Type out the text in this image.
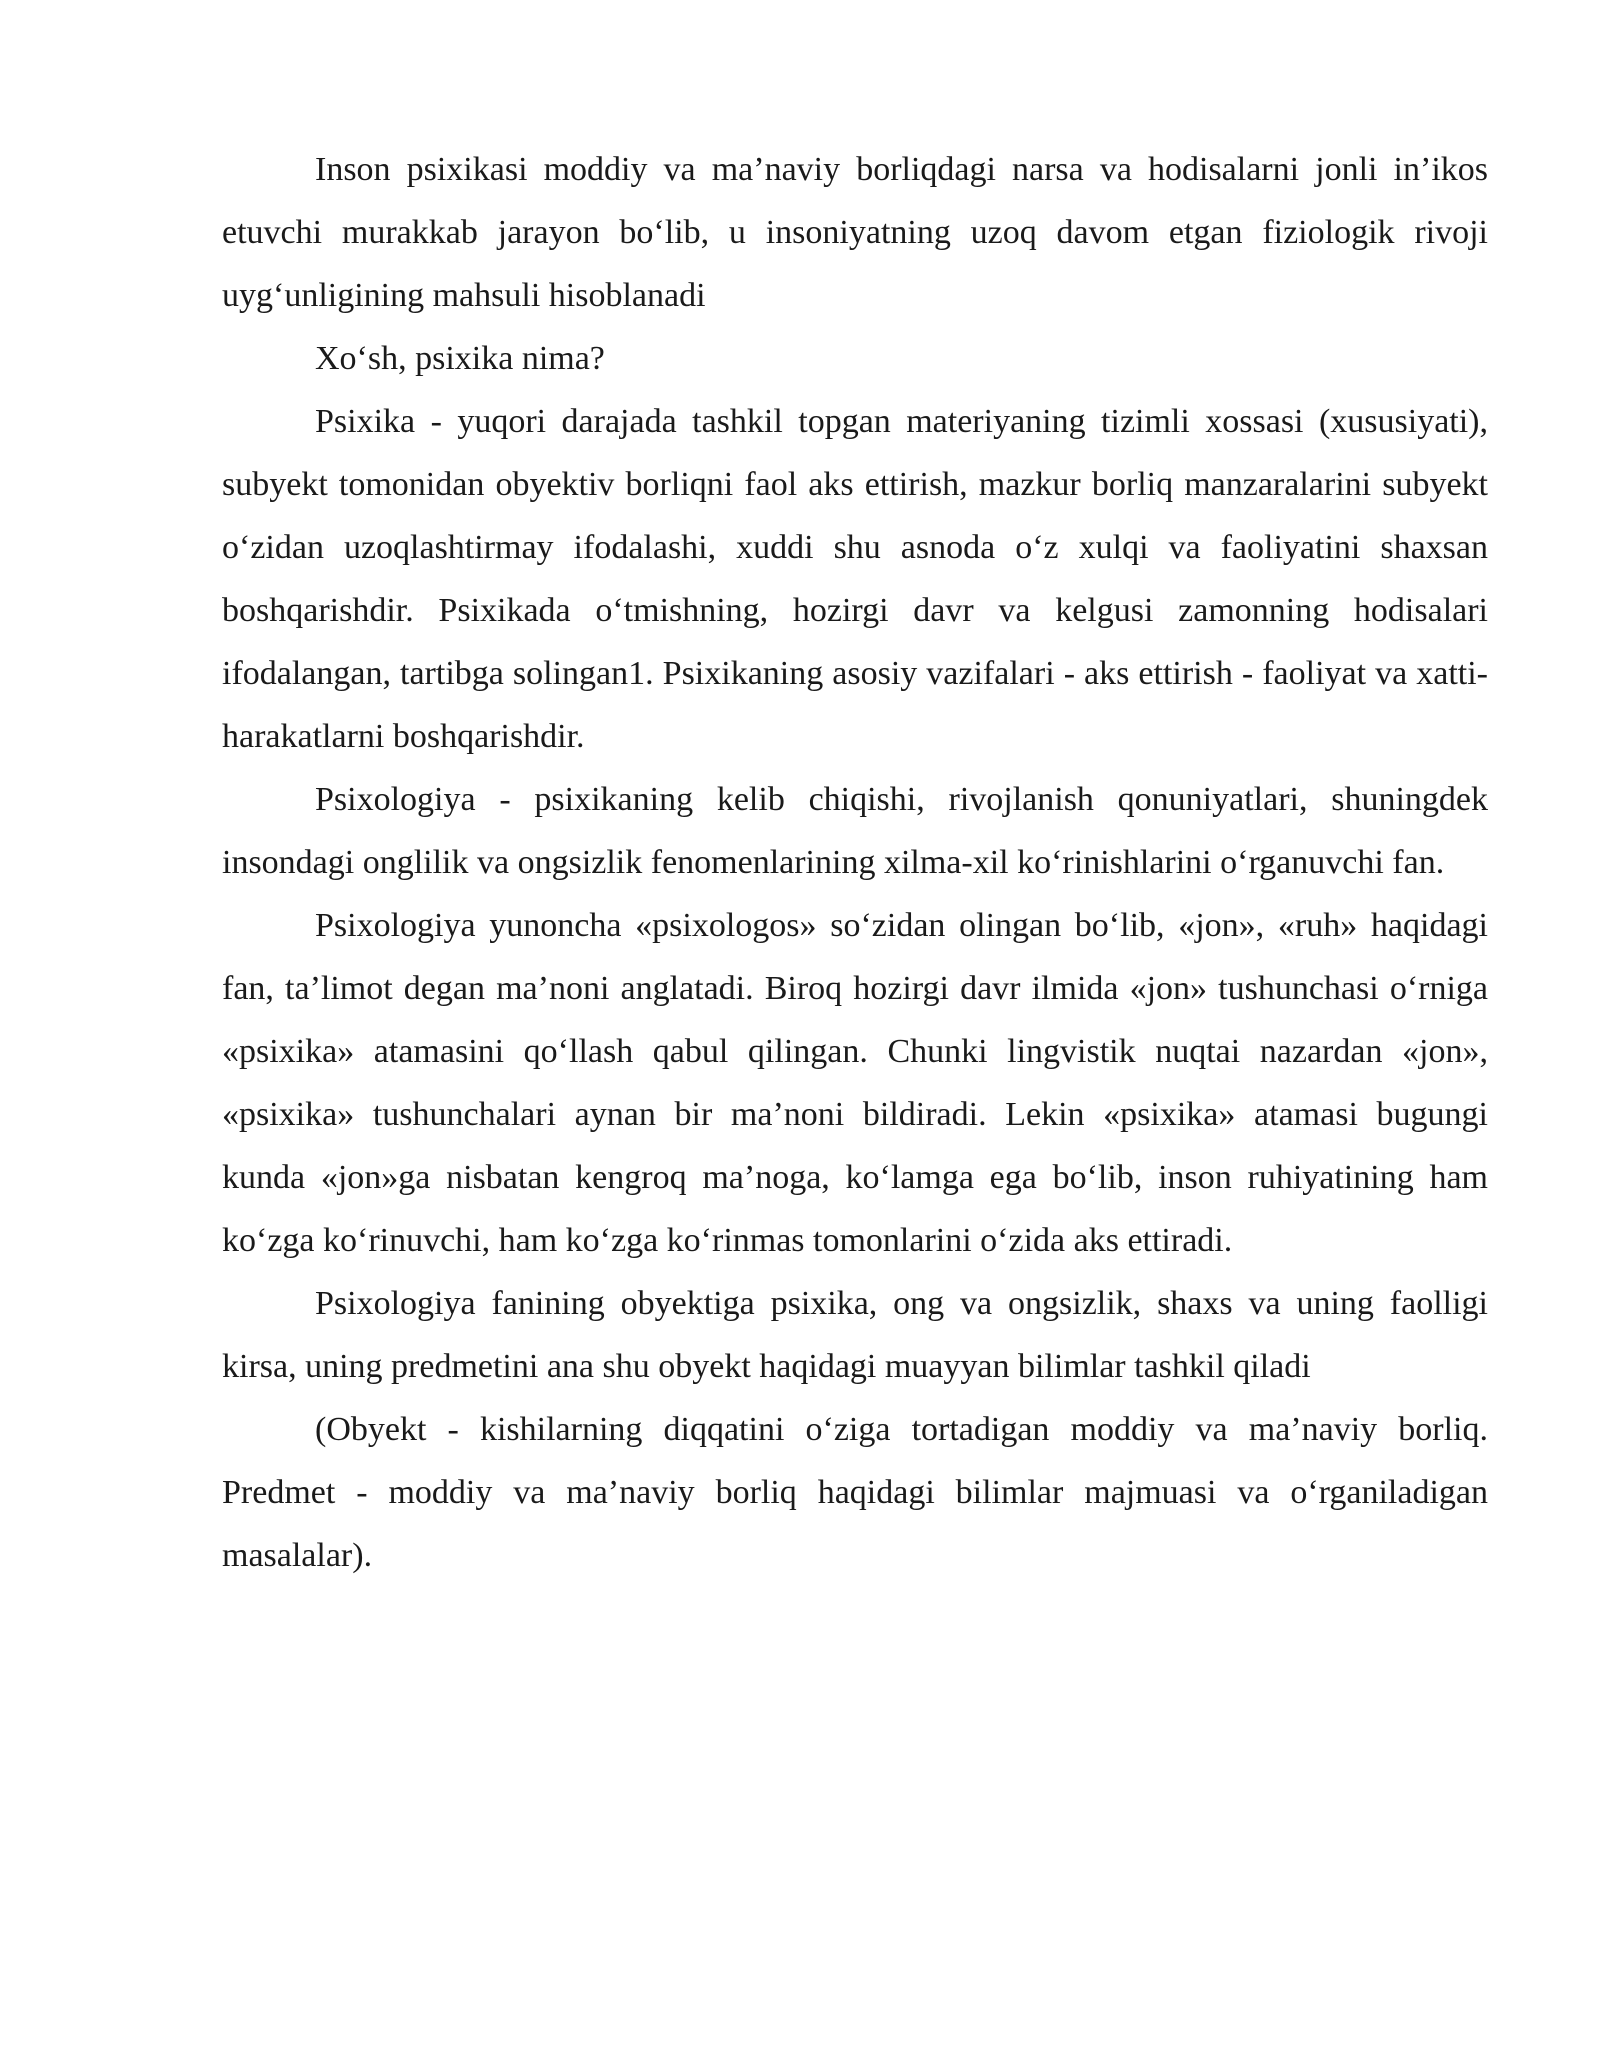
Inson psixikasi moddiy va ma’naviy borliqdagi narsa va hodisalarni jonli in’ikos etuvchi murakkab jarayon bo‘lib, u insoniyatning uzoq davom etgan fiziologik rivoji uyg‘unligining mahsuli hisoblanadi

Xo‘sh, psixika nima?

Psixika - yuqori darajada tashkil topgan materiyaning tizimli xossasi (xususiyati), subyekt tomonidan obyektiv borliqni faol aks ettirish, mazkur borliq manzaralarini subyekt o‘zidan uzoqlashtirmay ifodalashi, xuddi shu asnoda o‘z xulqi va faoliyatini shaxsan boshqarishdir. Psixikada o‘tmishning, hozirgi davr va kelgusi zamonning hodisalari ifodalangan, tartibga solingan1. Psixikaning asosiy vazifalari - aks ettirish - faoliyat va xatti-harakatlarni boshqarishdir.

Psixologiya - psixikaning kelib chiqishi, rivojlanish qonuniyatlari, shuningdek insondagi onglilik va ongsizlik fenomenlarining xilma-xil ko‘rinishlarini o‘rganuvchi fan.

Psixologiya yunoncha «psixologos» so‘zidan olingan bo‘lib, «jon», «ruh» haqidagi fan, ta’limot degan ma’noni anglatadi. Biroq hozirgi davr ilmida «jon» tushunchasi o‘rniga «psixika» atamasini qo‘llash qabul qilingan. Chunki lingvistik nuqtai nazardan «jon», «psixika» tushunchalari aynan bir ma’noni bildiradi. Lekin «psixika» atamasi bugungi kunda «jon»ga nisbatan kengroq ma’noga, ko‘lamga ega bo‘lib, inson ruhiyatining ham ko‘zga ko‘rinuvchi, ham ko‘zga ko‘rinmas tomonlarini o‘zida aks ettiradi.

Psixologiya fanining obyektiga psixika, ong va ongsizlik, shaxs va uning faolligi kirsa, uning predmetini ana shu obyekt haqidagi muayyan bilimlar tashkil qiladi

(Obyekt - kishilarning diqqatini o‘ziga tortadigan moddiy va ma’naviy borliq. Predmet - moddiy va ma’naviy borliq haqidagi bilimlar majmuasi va o‘rganiladigan masalalar).
